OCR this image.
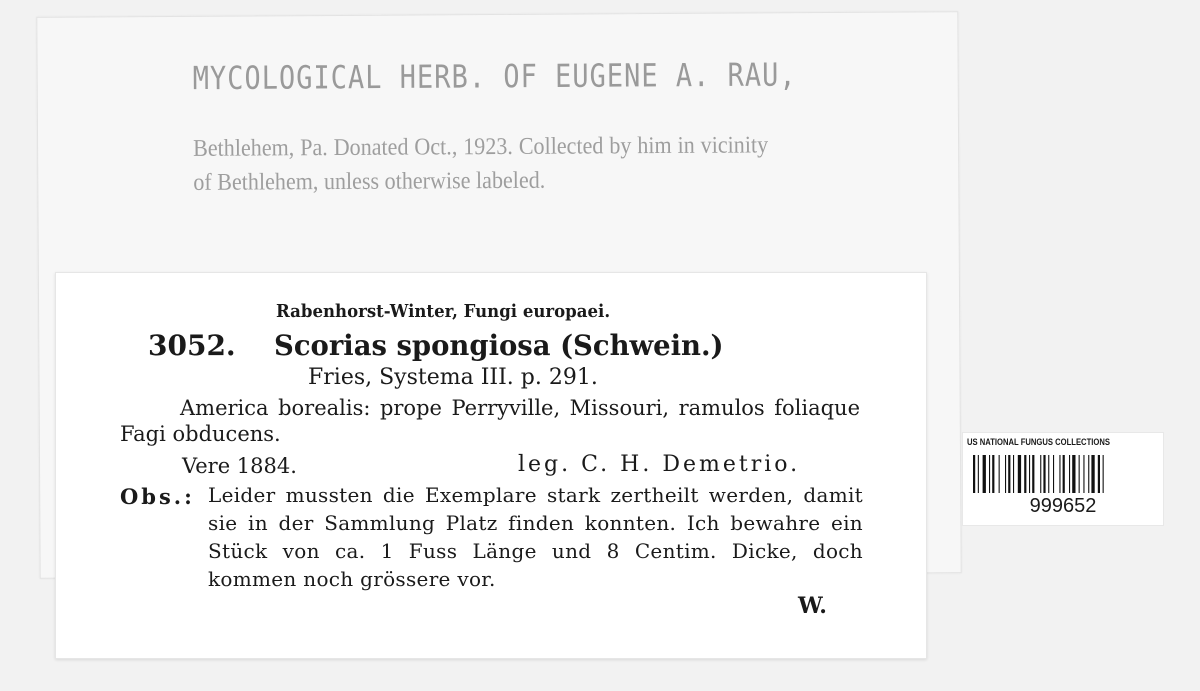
MYCOLOGICAL HERB. OF EUGENE A. RAU,
Bethlehem, Pa. Donated Oct., 1923. Collected by him in vicinity of Bethlehem, unless otherwise labeled.
Rabenhorst-Winter, Fungi europaei.
3052. Scorias spongiosa (Schwein.)
Fries, Systema III. p. 291.
America borealis: prope Perryville, Missouri, ramulos foliaque Fagi obducens.
Vere 1884.	leg. C. H. Demetrio.
Obs.: Leider mussten die Exemplare stark zertheilt werden, damit sie in der Sammlung Platz finden konnten. Ich bewahre ein Stück von ca. 1 Fuss Länge und 8 Centim. Dicke, doch kommen noch grössere vor.
W.
US NATIONAL FUNGUS COLLECTIONS
999652
